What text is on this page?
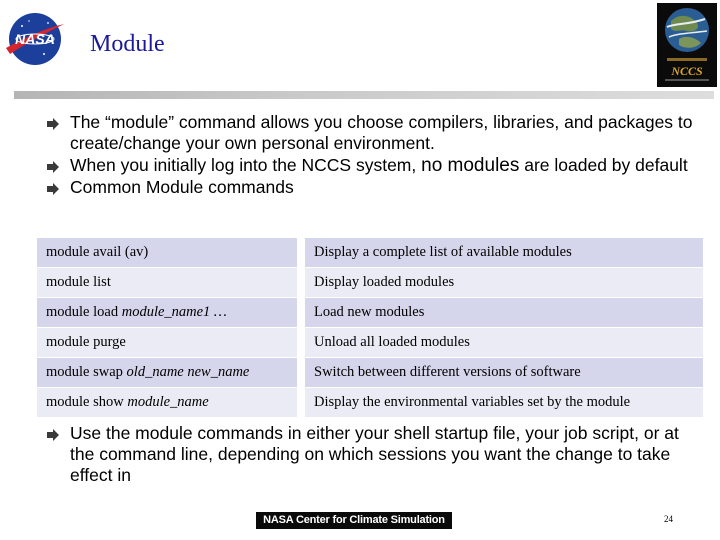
NASA Module
NCCS
The “module” command allows you choose compilers, libraries, and packages to create/change your own personal environment.
When you initially log into the NCCS system, no modules are loaded by default
Common Module commands
module avail (av)	Display a complete list of available modules
module list	Display loaded modules
module load module_name1 …	Load new modules
module purge	Unload all loaded modules
module swap old_name new_name	Switch between different versions of software
module show module_name	Display the environmental variables set by the module
Use the module commands in either your shell startup file, your job script, or at the command line, depending on which sessions you want the change to take effect in
NASA Center for Climate Simulation	24
